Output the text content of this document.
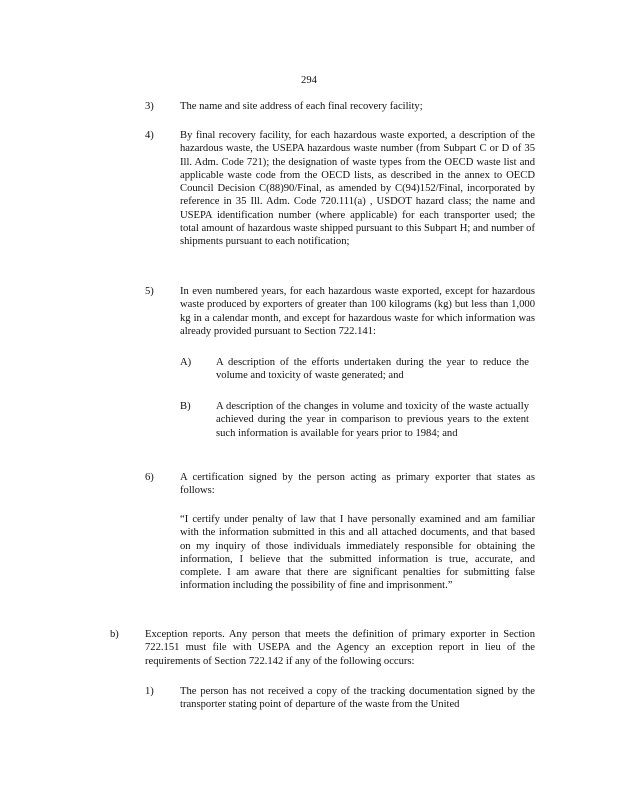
294
3) The name and site address of each final recovery facility;
4) By final recovery facility, for each hazardous waste exported, a description of the hazardous waste, the USEPA hazardous waste number (from Subpart C or D of 35 Ill. Adm. Code 721); the designation of waste types from the OECD waste list and applicable waste code from the OECD lists, as described in the annex to OECD Council Decision C(88)90/Final, as amended by C(94)152/Final, incorporated by reference in 35 Ill. Adm. Code 720.111(a) , USDOT hazard class; the name and USEPA identification number (where applicable) for each transporter used; the total amount of hazardous waste shipped pursuant to this Subpart H; and number of shipments pursuant to each notification;
5) In even numbered years, for each hazardous waste exported, except for hazardous waste produced by exporters of greater than 100 kilograms (kg) but less than 1,000 kg in a calendar month, and except for hazardous waste for which information was already provided pursuant to Section 722.141:
A) A description of the efforts undertaken during the year to reduce the volume and toxicity of waste generated; and
B) A description of the changes in volume and toxicity of the waste actually achieved during the year in comparison to previous years to the extent such information is available for years prior to 1984; and
6) A certification signed by the person acting as primary exporter that states as follows:
“I certify under penalty of law that I have personally examined and am familiar with the information submitted in this and all attached documents, and that based on my inquiry of those individuals immediately responsible for obtaining the information, I believe that the submitted information is true, accurate, and complete. I am aware that there are significant penalties for submitting false information including the possibility of fine and imprisonment.”
b) Exception reports. Any person that meets the definition of primary exporter in Section 722.151 must file with USEPA and the Agency an exception report in lieu of the requirements of Section 722.142 if any of the following occurs:
1) The person has not received a copy of the tracking documentation signed by the transporter stating point of departure of the waste from the United
